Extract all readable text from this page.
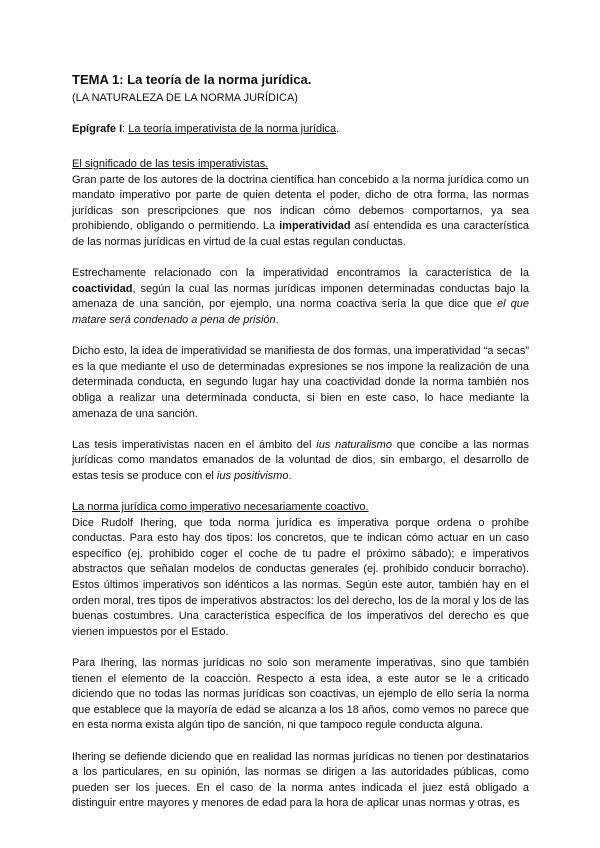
TEMA 1: La teoría de la norma jurídica.
(LA NATURALEZA DE LA NORMA JURÍDICA)
Epígrafe I: La teoría imperativista de la norma jurídica.
El significado de las tesis imperativistas.
Gran parte de los autores de la doctrina científica han concebido a la norma jurídica como un mandato imperativo por parte de quien detenta el poder, dicho de otra forma, las normas jurídicas son prescripciones que nos indican cómo debemos comportarnos, ya sea prohibiendo, obligando o permitiendo. La imperatividad así entendida es una característica de las normas jurídicas en virtud de la cual estas regulan conductas.
Estrechamente relacionado con la imperatividad encontramos la característica de la coactividad, según la cual las normas jurídicas imponen determinadas conductas bajo la amenaza de una sanción, por ejemplo, una norma coactiva sería la que dice que el que matare será condenado a pena de prisión.
Dicho esto, la idea de imperatividad se manifiesta de dos formas, una imperatividad “a secas” es la que mediante el uso de determinadas expresiones se nos impone la realización de una determinada conducta, en segundo lugar hay una coactividad donde la norma también nos obliga a realizar una determinada conducta, si bien en este caso, lo hace mediante la amenaza de una sanción.
Las tesis imperativistas nacen en el ámbito del ius naturalismo que concibe a las normas jurídicas como mandatos emanados de la voluntad de dios, sin embargo, el desarrollo de estas tesis se produce con el ius positivismo.
La norma jurídica como imperativo necesariamente coactivo.
Dice Rudolf Ihering, que toda norma jurídica es imperativa porque ordena o prohíbe conductas. Para esto hay dos tipos: los concretos, que te indican cómo actuar en un caso específico (ej. prohibido coger el coche de tu padre el próximo sábado); e imperativos abstractos que señalan modelos de conductas generales (ej. prohibido conducir borracho). Estos últimos imperativos son idénticos a las normas. Según este autor, también hay en el orden moral, tres tipos de imperativos abstractos: los del derecho, los de la moral y los de las buenas costumbres. Una característica específica de los imperativos del derecho es que vienen impuestos por el Estado.
Para Ihering, las normas jurídicas no solo son meramente imperativas, sino que también tienen el elemento de la coacción. Respecto a esta idea, a este autor se le a criticado diciendo que no todas las normas jurídicas son coactivas, un ejemplo de ello sería la norma que establece que la mayoría de edad se alcanza a los 18 años, como vemos no parece que en esta norma exista algún tipo de sanción, ni que tampoco regule conducta alguna.
Ihering se defiende diciendo que en realidad las normas jurídicas no tienen por destinatarios a los particulares, en su opinión, las normas se dirigen a las autoridades públicas, como pueden ser los jueces. En el caso de la norma antes indicada el juez está obligado a distinguir entre mayores y menores de edad para la hora de aplicar unas normas y otras, es
